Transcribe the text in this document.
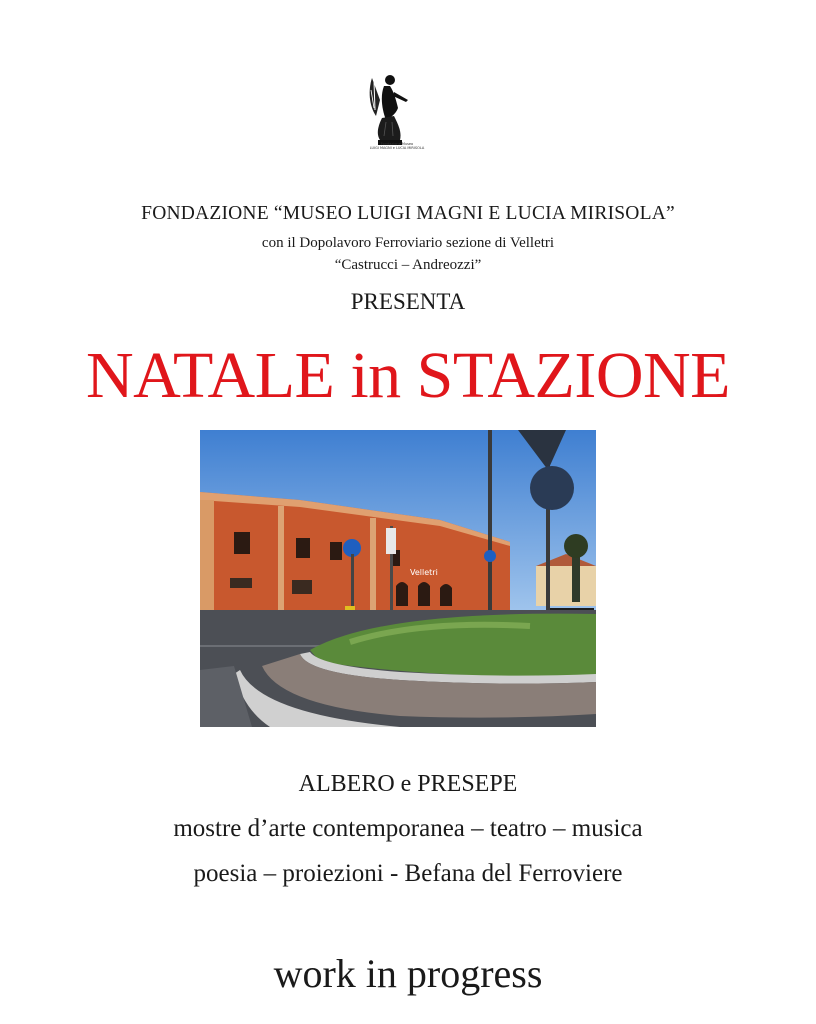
Fondazione Museo
LUIGI MAGNI e LUCIA MIRISOLA
FONDAZIONE “MUSEO LUIGI MAGNI E LUCIA MIRISOLA”
con il Dopolavoro Ferroviario sezione di Velletri
“Castrucci – Andreozzi”
PRESENTA
NATALE in STAZIONE
Velletri
ALBERO e PRESEPE
mostre d’arte contemporanea – teatro – musica
poesia – proiezioni - Befana del Ferroviere
work in progress
